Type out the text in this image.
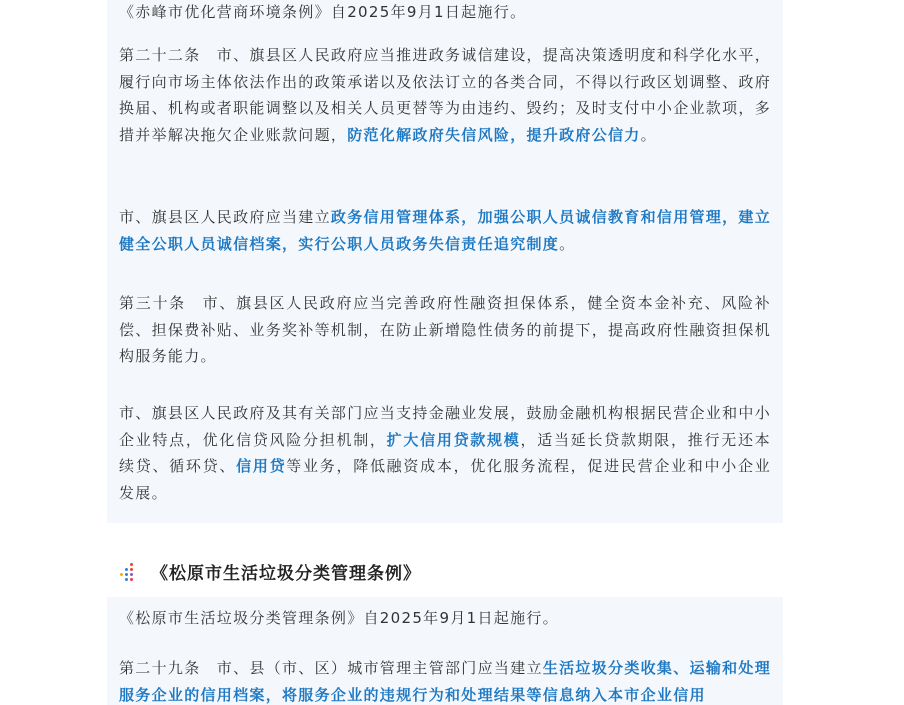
《赤峰市优化营商环境条例》自2025年9月1日起施行。

第二十二条　市、旗县区人民政府应当推进政务诚信建设，提高决策透明度和科学化水平，履行向市场主体依法作出的政策承诺以及依法订立的各类合同，不得以行政区划调整、政府换届、机构或者职能调整以及相关人员更替等为由违约、毁约；及时支付中小企业款项，多措并举解决拖欠企业账款问题，防范化解政府失信风险，提升政府公信力。

市、旗县区人民政府应当建立政务信用管理体系，加强公职人员诚信教育和信用管理，建立健全公职人员诚信档案，实行公职人员政务失信责任追究制度。

第三十条　市、旗县区人民政府应当完善政府性融资担保体系，健全资本金补充、风险补偿、担保费补贴、业务奖补等机制，在防止新增隐性债务的前提下，提高政府性融资担保机构服务能力。

市、旗县区人民政府及其有关部门应当支持金融业发展，鼓励金融机构根据民营企业和中小企业特点，优化信贷风险分担机制，扩大信用贷款规模，适当延长贷款期限，推行无还本续贷、循环贷、信用贷等业务，降低融资成本，优化服务流程，促进民营企业和中小企业发展。

《松原市生活垃圾分类管理条例》

《松原市生活垃圾分类管理条例》自2025年9月1日起施行。

第二十九条　市、县（市、区）城市管理主管部门应当建立生活垃圾分类收集、运输和处理服务企业的信用档案，将服务企业的违规行为和处理结果等信息纳入本市企业信用
